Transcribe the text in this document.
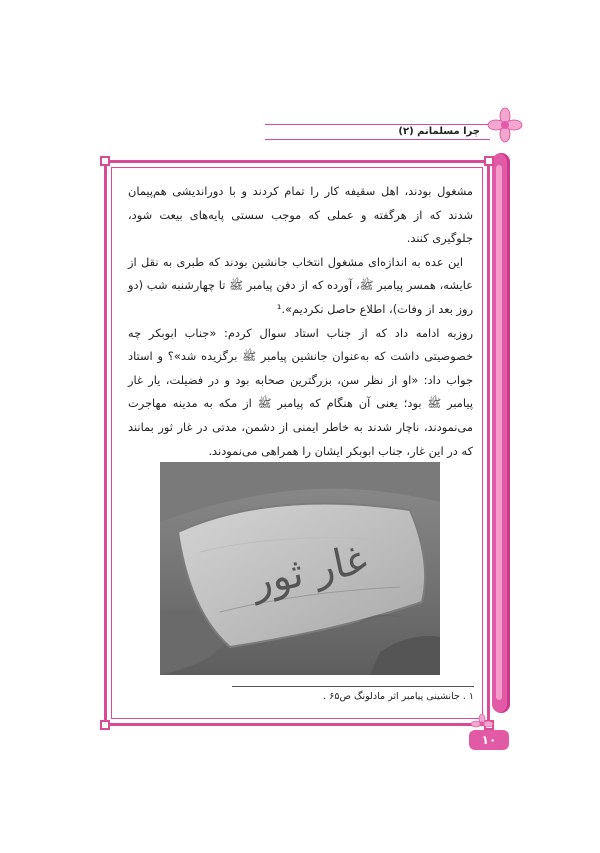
چرا مسلمانم (۲)

مشغول بودند، اهل سقیفه کار را تمام کردند و با دوراندیشی هم‌پیمان شدند که از هرگفته و عملی که موجب سستی پایه‌های بیعت شود، جلوگیری کنند.

این عده به اندازه‌ای مشغول انتخاب جانشین بودند که طبری به نقل از عایشه، همسر پیامبر ﷺ، آورده که از دفن پیامبر ﷺ تا چهارشنبه شب (دو روز بعد از وفات)، اطلاع حاصل نکردیم».¹

روزبه ادامه داد که از جناب استاد سوال کردم: «جناب ابوبکر چه خصوصیتی داشت که به‌عنوان جانشین پیامبر ﷺ برگزیده شد»؟ و استاد جواب داد: «او از نظر سن، بزرگترین صحابه بود و در فضیلت، یار غار پیامبر ﷺ بود؛ یعنی آن هنگام که پیامبر ﷺ از مکه به مدینه مهاجرت می‌نمودند، ناچار شدند به خاطر ایمنی از دشمن، مدتی در غار ثور بمانند که در این غار، جناب ابوبکر ایشان را همراهی می‌نمودند.

غار ثور
۱ . جانشینی پیامبر اثر مادلونگ ص۶۵ .
۱۰
